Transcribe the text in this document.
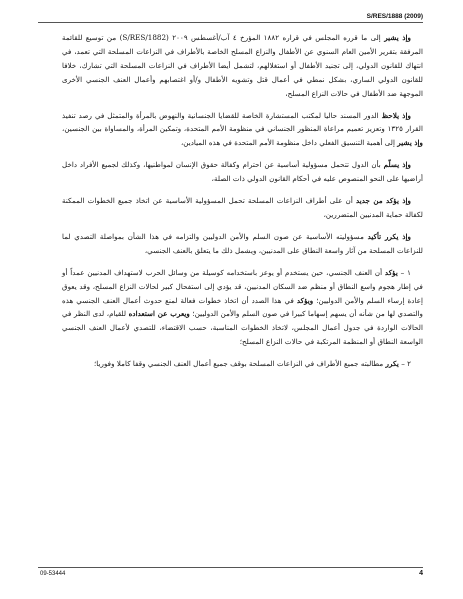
S/RES/1888 (2009)

وإذ يشير إلى ما قرره المجلس في قراره ١٨٨٢ المؤرخ ٤ آب/أغسطس ٢٠٠٩ (S/RES/1882) من توسيع للقائمة المرفقة بتقرير الأمين العام السنوي عن الأطفال والنزاع المسلح الخاصة بالأطراف في النزاعات المسلحة التي تعمد، في انتهاك للقانون الدولي، إلى تجنيد الأطفال أو استغلالهم، لتشمل أيضا الأطراف في النزاعات المسلحة التي تشارك، خلافا للقانون الدولي الساري، بشكل نمطي في أعمال قتل وتشويه الأطفال و/أو اغتصابهم وأعمال العنف الجنسي الأخرى الموجهة ضد الأطفال في حالات النزاع المسلح،

وإذ يلاحظ الدور المسند حاليا لمكتب المستشارة الخاصة للقضايا الجنسانية والنهوض بالمرأة والمتمثل في رصد تنفيذ القرار ١٣٢٥ وتعزيز تعميم مراعاة المنظور الجنساني في منظومة الأمم المتحدة، وتمكين المرأة، والمساواة بين الجنسين، وإذ يشير إلى أهمية التنسيق الفعلي داخل منظومة الأمم المتحدة في هذه الميادين،

وإذ يسلّم بأن الدول تتحمل مسؤولية أساسية عن احترام وكفالة حقوق الإنسان لمواطنيها، وكذلك لجميع الأفراد داخل أراضيها على النحو المنصوص عليه في أحكام القانون الدولي ذات الصلة،

وإذ يؤكد من جديد أن على أطراف النزاعات المسلحة تحمل المسؤولية الأساسية عن اتخاذ جميع الخطوات الممكنة لكفالة حماية المدنيين المتضررين،

وإذ يكرر تأكيد مسؤوليته الأساسية عن صون السلم والأمن الدوليين والتزامه في هذا الشأن بمواصلة التصدي لما للنزاعات المسلحة من آثار واسعة النطاق على المدنيين، ويشمل ذلك ما يتعلق بالعنف الجنسي،

١ – يؤكد أن العنف الجنسي، حين يستخدم أو يوعز باستخدامه كوسيلة من وسائل الحرب لاستهداف المدنيين عمداً أو في إطار هجوم واسع النطاق أو منظم ضد السكان المدنيين، قد يؤدي إلى استفحال كبير لحالات النزاع المسلح، وقد يعوق إعادة إرساء السلم والأمن الدوليين؛ ويؤكد في هذا الصدد أن اتخاذ خطوات فعالة لمنع حدوث أعمال العنف الجنسي هذه والتصدي لها من شأنه أن يسهم إسهاما كبيرا في صون السلم والأمن الدوليين؛ ويعرب عن استعداده للقيام، لدى النظر في الحالات الواردة في جدول أعمال المجلس، لاتخاذ الخطوات المناسبة، حسب الاقتضاء، للتصدي لأعمال العنف الجنسي الواسعة النطاق أو المنظمة المرتكبة في حالات النزاع المسلح؛

٢ – يكرر مطالبته جميع الأطراف في النزاعات المسلحة بوقف جميع أعمال العنف الجنسي وقفا كاملا وفوريا؛

09-53444	4
